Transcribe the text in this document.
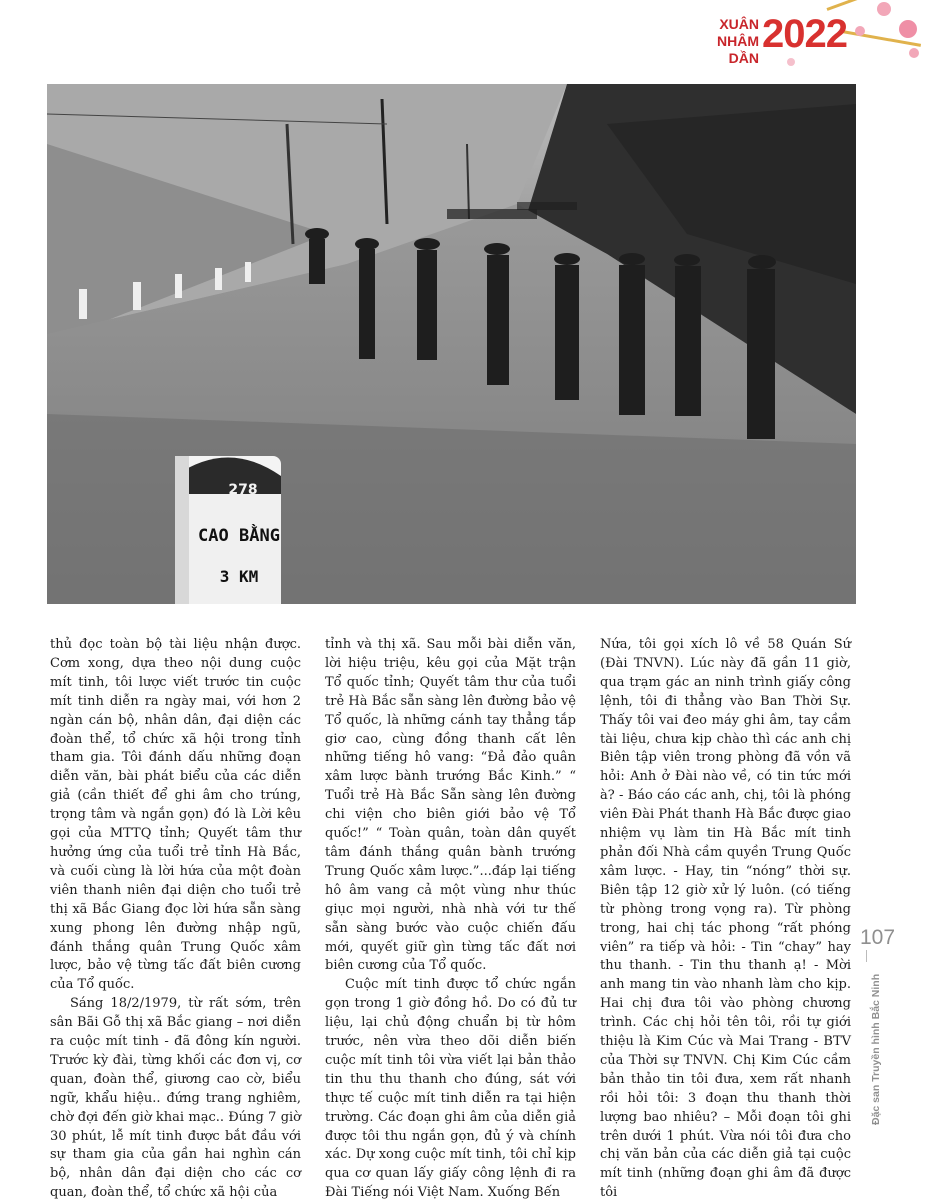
XUÂN
NHÂM DẦN
2022
278
CAO BẰNG
3 KM

thủ đọc toàn bộ tài liệu nhận được. Cơm xong, dựa theo nội dung cuộc mít tinh, tôi lược viết trước tin cuộc mít tinh diễn ra ngày mai, với hơn 2 ngàn cán bộ, nhân dân, đại diện các đoàn thể, tổ chức xã hội trong tỉnh tham gia. Tôi đánh dấu những đoạn diễn văn, bài phát biểu của các diễn giả (cần thiết để ghi âm cho trúng, trọng tâm và ngắn gọn) đó là Lời kêu gọi của MTTQ tỉnh; Quyết tâm thư hưởng ứng của tuổi trẻ tỉnh Hà Bắc, và cuối cùng là lời hứa của một đoàn viên thanh niên đại diện cho tuổi trẻ thị xã Bắc Giang đọc lời hứa sẵn sàng xung phong lên đường nhập ngũ, đánh thắng quân Trung Quốc xâm lược, bảo vệ từng tấc đất biên cương của Tổ quốc.

Sáng 18/2/1979, từ rất sớm, trên sân Bãi Gỗ thị xã Bắc giang – nơi diễn ra cuộc mít tinh - đã đông kín người. Trước kỳ đài, từng khối các đơn vị, cơ quan, đoàn thể, giương cao cờ, biểu ngữ, khẩu hiệu.. đứng trang nghiêm, chờ đợi đến giờ khai mạc.. Đúng 7 giờ 30 phút, lễ mít tinh được bắt đầu với sự tham gia của gần hai nghìn cán bộ, nhân dân đại diện cho các cơ quan, đoàn thể, tổ chức xã hội của

tỉnh và thị xã. Sau mỗi bài diễn văn, lời hiệu triệu, kêu gọi của Mặt trận Tổ quốc tỉnh; Quyết tâm thư của tuổi trẻ Hà Bắc sẵn sàng lên đường bảo vệ Tổ quốc, là những cánh tay thẳng tắp giơ cao, cùng đồng thanh cất lên những tiếng hô vang: “Đả đảo quân xâm lược bành trướng Bắc Kinh.” “ Tuổi trẻ Hà Bắc Sẵn sàng lên đường chi viện cho biên giới bảo vệ Tổ quốc!” “ Toàn quân, toàn dân quyết tâm đánh thắng quân bành trướng Trung Quốc xâm lược.”...đáp lại tiếng hô âm vang cả một vùng như thúc giục mọi người, nhà nhà với tư thế sẵn sàng bước vào cuộc chiến đấu mới, quyết giữ gìn từng tấc đất nơi biên cương của Tổ quốc.

Cuộc mít tinh được tổ chức ngắn gọn trong 1 giờ đồng hồ. Do có đủ tư liệu, lại chủ động chuẩn bị từ hôm trước, nên vừa theo dõi diễn biến cuộc mít tinh tôi vừa viết lại bản thảo tin thu thu thanh cho đúng, sát với thực tế cuộc mít tinh diễn ra tại hiện trường. Các đoạn ghi âm của diễn giả được tôi thu ngắn gọn, đủ ý và chính xác. Dự xong cuộc mít tinh, tôi chỉ kịp qua cơ quan lấy giấy công lệnh đi ra Đài Tiếng nói Việt Nam. Xuống Bến

Nứa, tôi gọi xích lô về 58 Quán Sứ (Đài TNVN). Lúc này đã gần 11 giờ, qua trạm gác an ninh trình giấy công lệnh, tôi đi thẳng vào Ban Thời Sự. Thấy tôi vai đeo máy ghi âm, tay cầm tài liệu, chưa kịp chào thì các anh chị Biên tập viên trong phòng đã vồn vã hỏi: Anh ở Đài nào về, có tin tức mới à? - Báo cáo các anh, chị, tôi là phóng viên Đài Phát thanh Hà Bắc được giao nhiệm vụ làm tin Hà Bắc mít tinh phản đối Nhà cầm quyền Trung Quốc xâm lược. - Hay, tin “nóng” thời sự. Biên tập 12 giờ xử lý luôn. (có tiếng từ phòng trong vọng ra). Từ phòng trong, hai chị tác phong “rất phóng viên” ra tiếp và hỏi: - Tin “chay” hay thu thanh. - Tin thu thanh ạ! - Mời anh mang tin vào nhanh làm cho kịp. Hai chị đưa tôi vào phòng chương trình. Các chị hỏi tên tôi, rồi tự giới thiệu là Kim Cúc và Mai Trang - BTV của Thời sự TNVN. Chị Kim Cúc cầm bản thảo tin tôi đưa, xem rất nhanh rồi hỏi tôi: 3 đoạn thu thanh thời lượng bao nhiêu? – Mỗi đoạn tôi ghi trên dưới 1 phút. Vừa nói tôi đưa cho chị văn bản của các diễn giả tại cuộc mít tinh (những đoạn ghi âm đã được tôi

107
Đặc san Truyền hình Bắc Ninh
